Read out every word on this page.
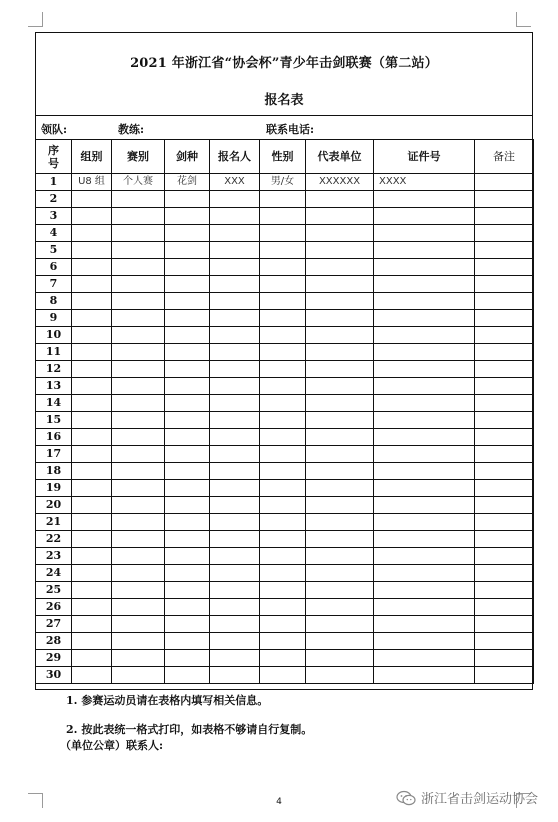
2021 年浙江省“协会杯”青少年击剑联赛（第二站）
报名表
领队:	教练:	联系电话:
序号	组别	赛别	剑种	报名人	性别	代表单位	证件号	备注
1	U8 组	个人赛	花剑	XXX	男/女	XXXXXX	XXXX	
2								
3								
4								
5								
6								
7								
8								
9								
10								
11								
12								
13								
14								
15								
16								
17								
18								
19								
20								
21								
22								
23								
24								
25								
26								
27								
28								
29								
30								
1. 参赛运动员请在表格内填写相关信息。
2. 按此表统一格式打印，如表格不够请自行复制。
（单位公章）联系人:
4	浙江省击剑运动协会
